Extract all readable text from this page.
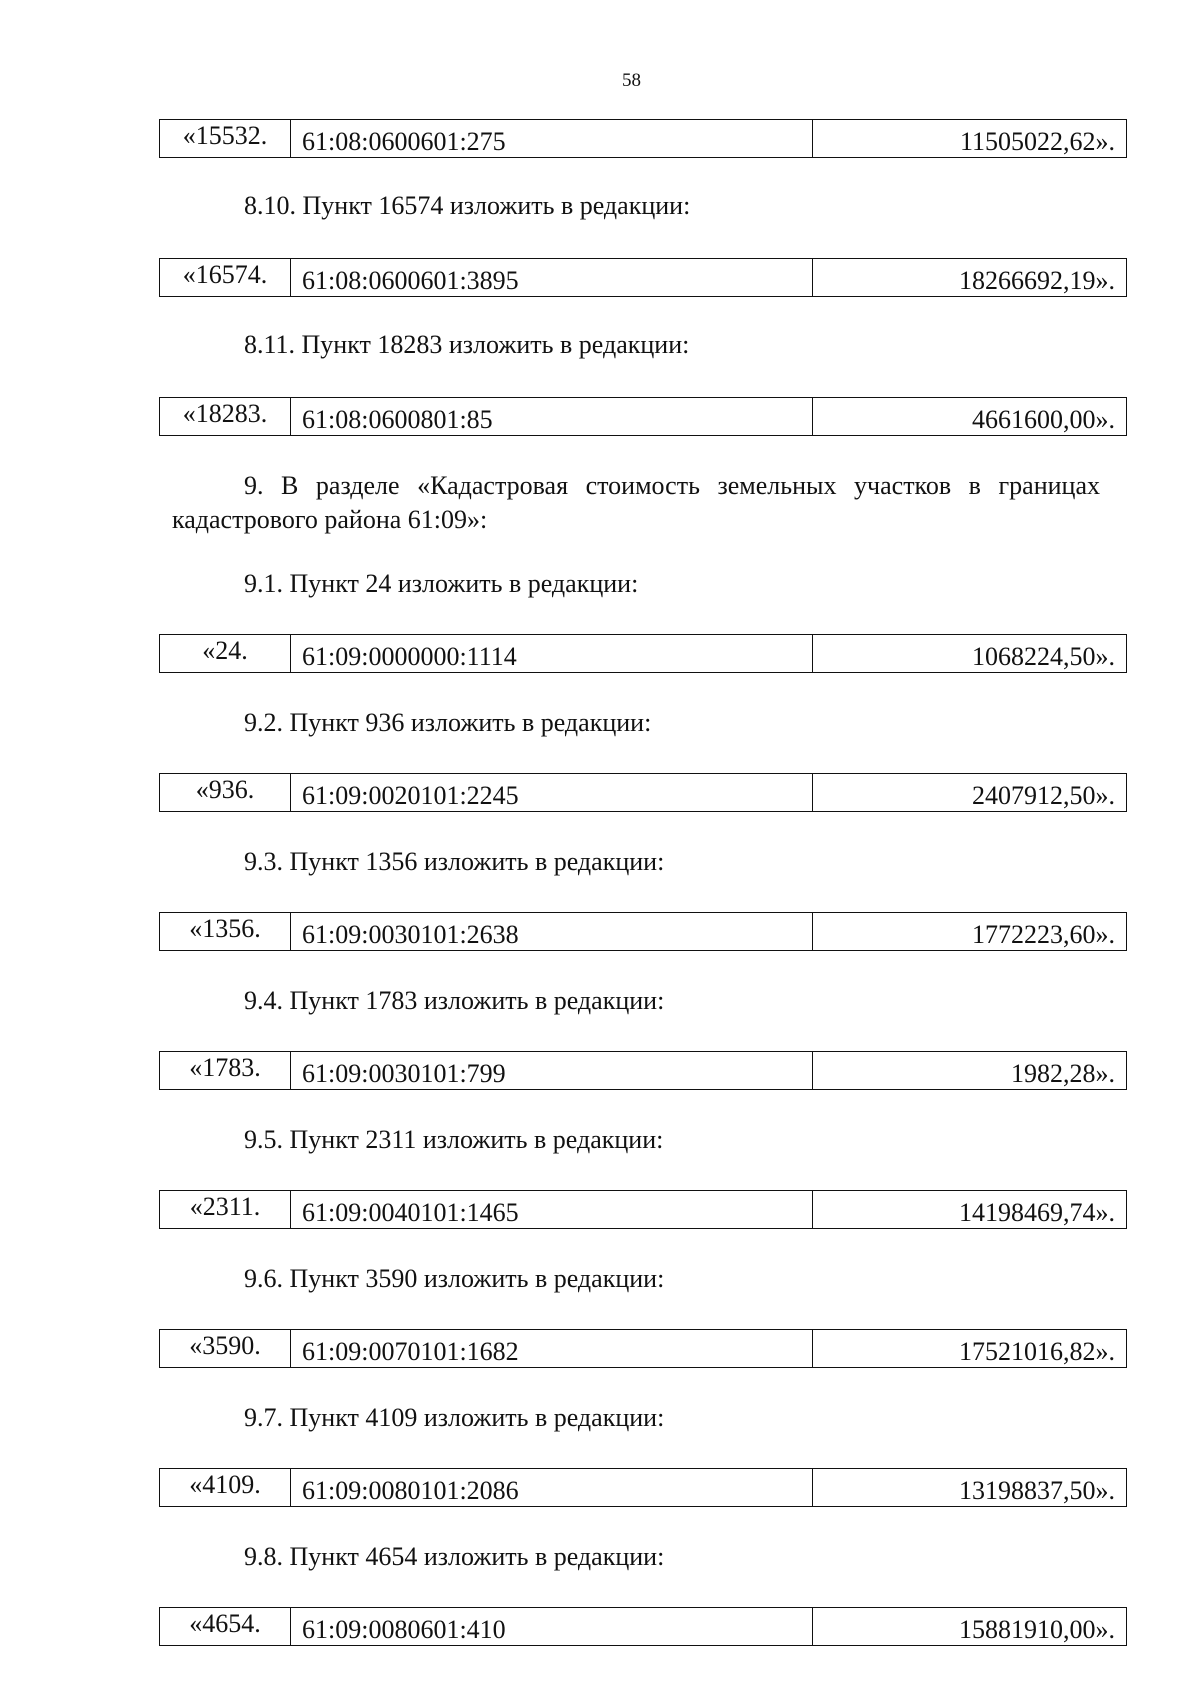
58
«15532.	61:08:0600601:275	11505022,62».
8.10. Пункт 16574 изложить в редакции:
«16574.	61:08:0600601:3895	18266692,19».
8.11. Пункт 18283 изложить в редакции:
«18283.	61:08:0600801:85	4661600,00».
9. В разделе «Кадастровая стоимость земельных участков в границах кадастрового района 61:09»:
9.1. Пункт 24 изложить в редакции:
«24.	61:09:0000000:1114	1068224,50».
9.2. Пункт 936 изложить в редакции:
«936.	61:09:0020101:2245	2407912,50».
9.3. Пункт 1356 изложить в редакции:
«1356.	61:09:0030101:2638	1772223,60».
9.4. Пункт 1783 изложить в редакции:
«1783.	61:09:0030101:799	1982,28».
9.5. Пункт 2311 изложить в редакции:
«2311.	61:09:0040101:1465	14198469,74».
9.6. Пункт 3590 изложить в редакции:
«3590.	61:09:0070101:1682	17521016,82».
9.7. Пункт 4109 изложить в редакции:
«4109.	61:09:0080101:2086	13198837,50».
9.8. Пункт 4654 изложить в редакции:
«4654.	61:09:0080601:410	15881910,00».
